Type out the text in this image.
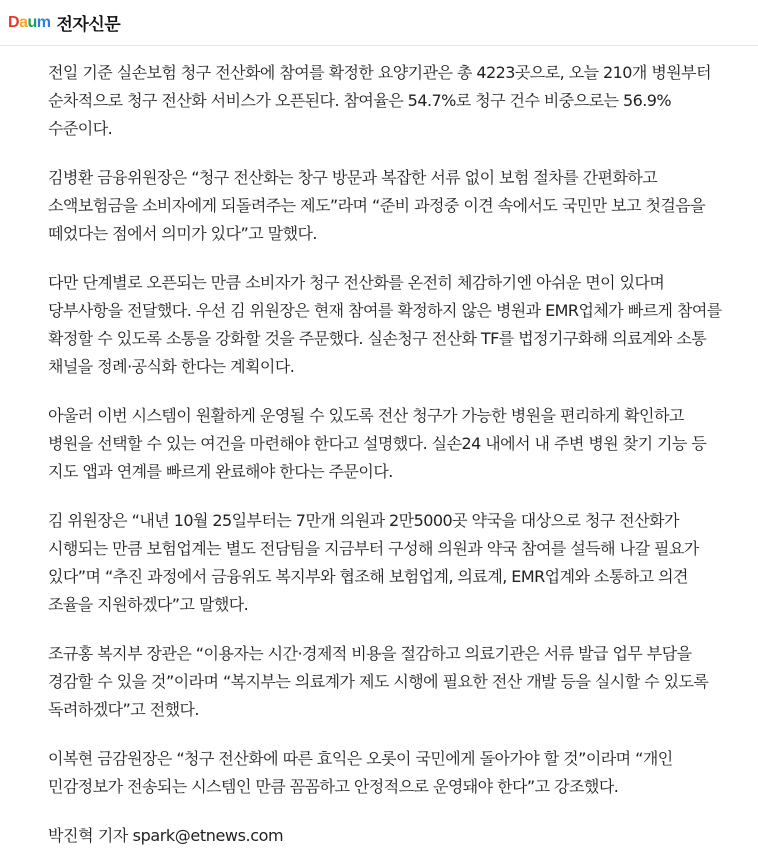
D a u m 전자신문

전일 기준 실손보험 청구 전산화에 참여를 확정한 요양기관은 총 4223곳으로, 오늘 210개 병원부터 순차적으로 청구 전산화 서비스가 오픈된다. 참여율은 54.7%로 청구 건수 비중으로는 56.9% 수준이다.

김병환 금융위원장은 “청구 전산화는 창구 방문과 복잡한 서류 없이 보험 절차를 간편화하고 소액보험금을 소비자에게 되돌려주는 제도”라며 “준비 과정중 이견 속에서도 국민만 보고 첫걸음을 떼었다는 점에서 의미가 있다”고 말했다.

다만 단계별로 오픈되는 만큼 소비자가 청구 전산화를 온전히 체감하기엔 아쉬운 면이 있다며 당부사항을 전달했다. 우선 김 위원장은 현재 참여를 확정하지 않은 병원과 EMR업체가 빠르게 참여를 확정할 수 있도록 소통을 강화할 것을 주문했다. 실손청구 전산화 TF를 법정기구화해 의료계와 소통 채널을 정례·공식화 한다는 계획이다.

아울러 이번 시스템이 원활하게 운영될 수 있도록 전산 청구가 가능한 병원을 편리하게 확인하고 병원을 선택할 수 있는 여건을 마련해야 한다고 설명했다. 실손24 내에서 내 주변 병원 찾기 기능 등 지도 앱과 연계를 빠르게 완료해야 한다는 주문이다.

김 위원장은 “내년 10월 25일부터는 7만개 의원과 2만5000곳 약국을 대상으로 청구 전산화가 시행되는 만큼 보험업계는 별도 전담팀을 지금부터 구성해 의원과 약국 참여를 설득해 나갈 필요가 있다”며 “추진 과정에서 금융위도 복지부와 협조해 보험업계, 의료계, EMR업계와 소통하고 의견 조율을 지원하겠다”고 말했다.

조규홍 복지부 장관은 “이용자는 시간·경제적 비용을 절감하고 의료기관은 서류 발급 업무 부담을 경감할 수 있을 것”이라며 “복지부는 의료계가 제도 시행에 필요한 전산 개발 등을 실시할 수 있도록 독려하겠다”고 전했다.

이복현 금감원장은 “청구 전산화에 따른 효익은 오롯이 국민에게 돌아가야 할 것”이라며 “개인 민감정보가 전송되는 시스템인 만큼 꼼꼼하고 안정적으로 운영돼야 한다”고 강조했다.

박진혁 기자 spark@etnews.com
